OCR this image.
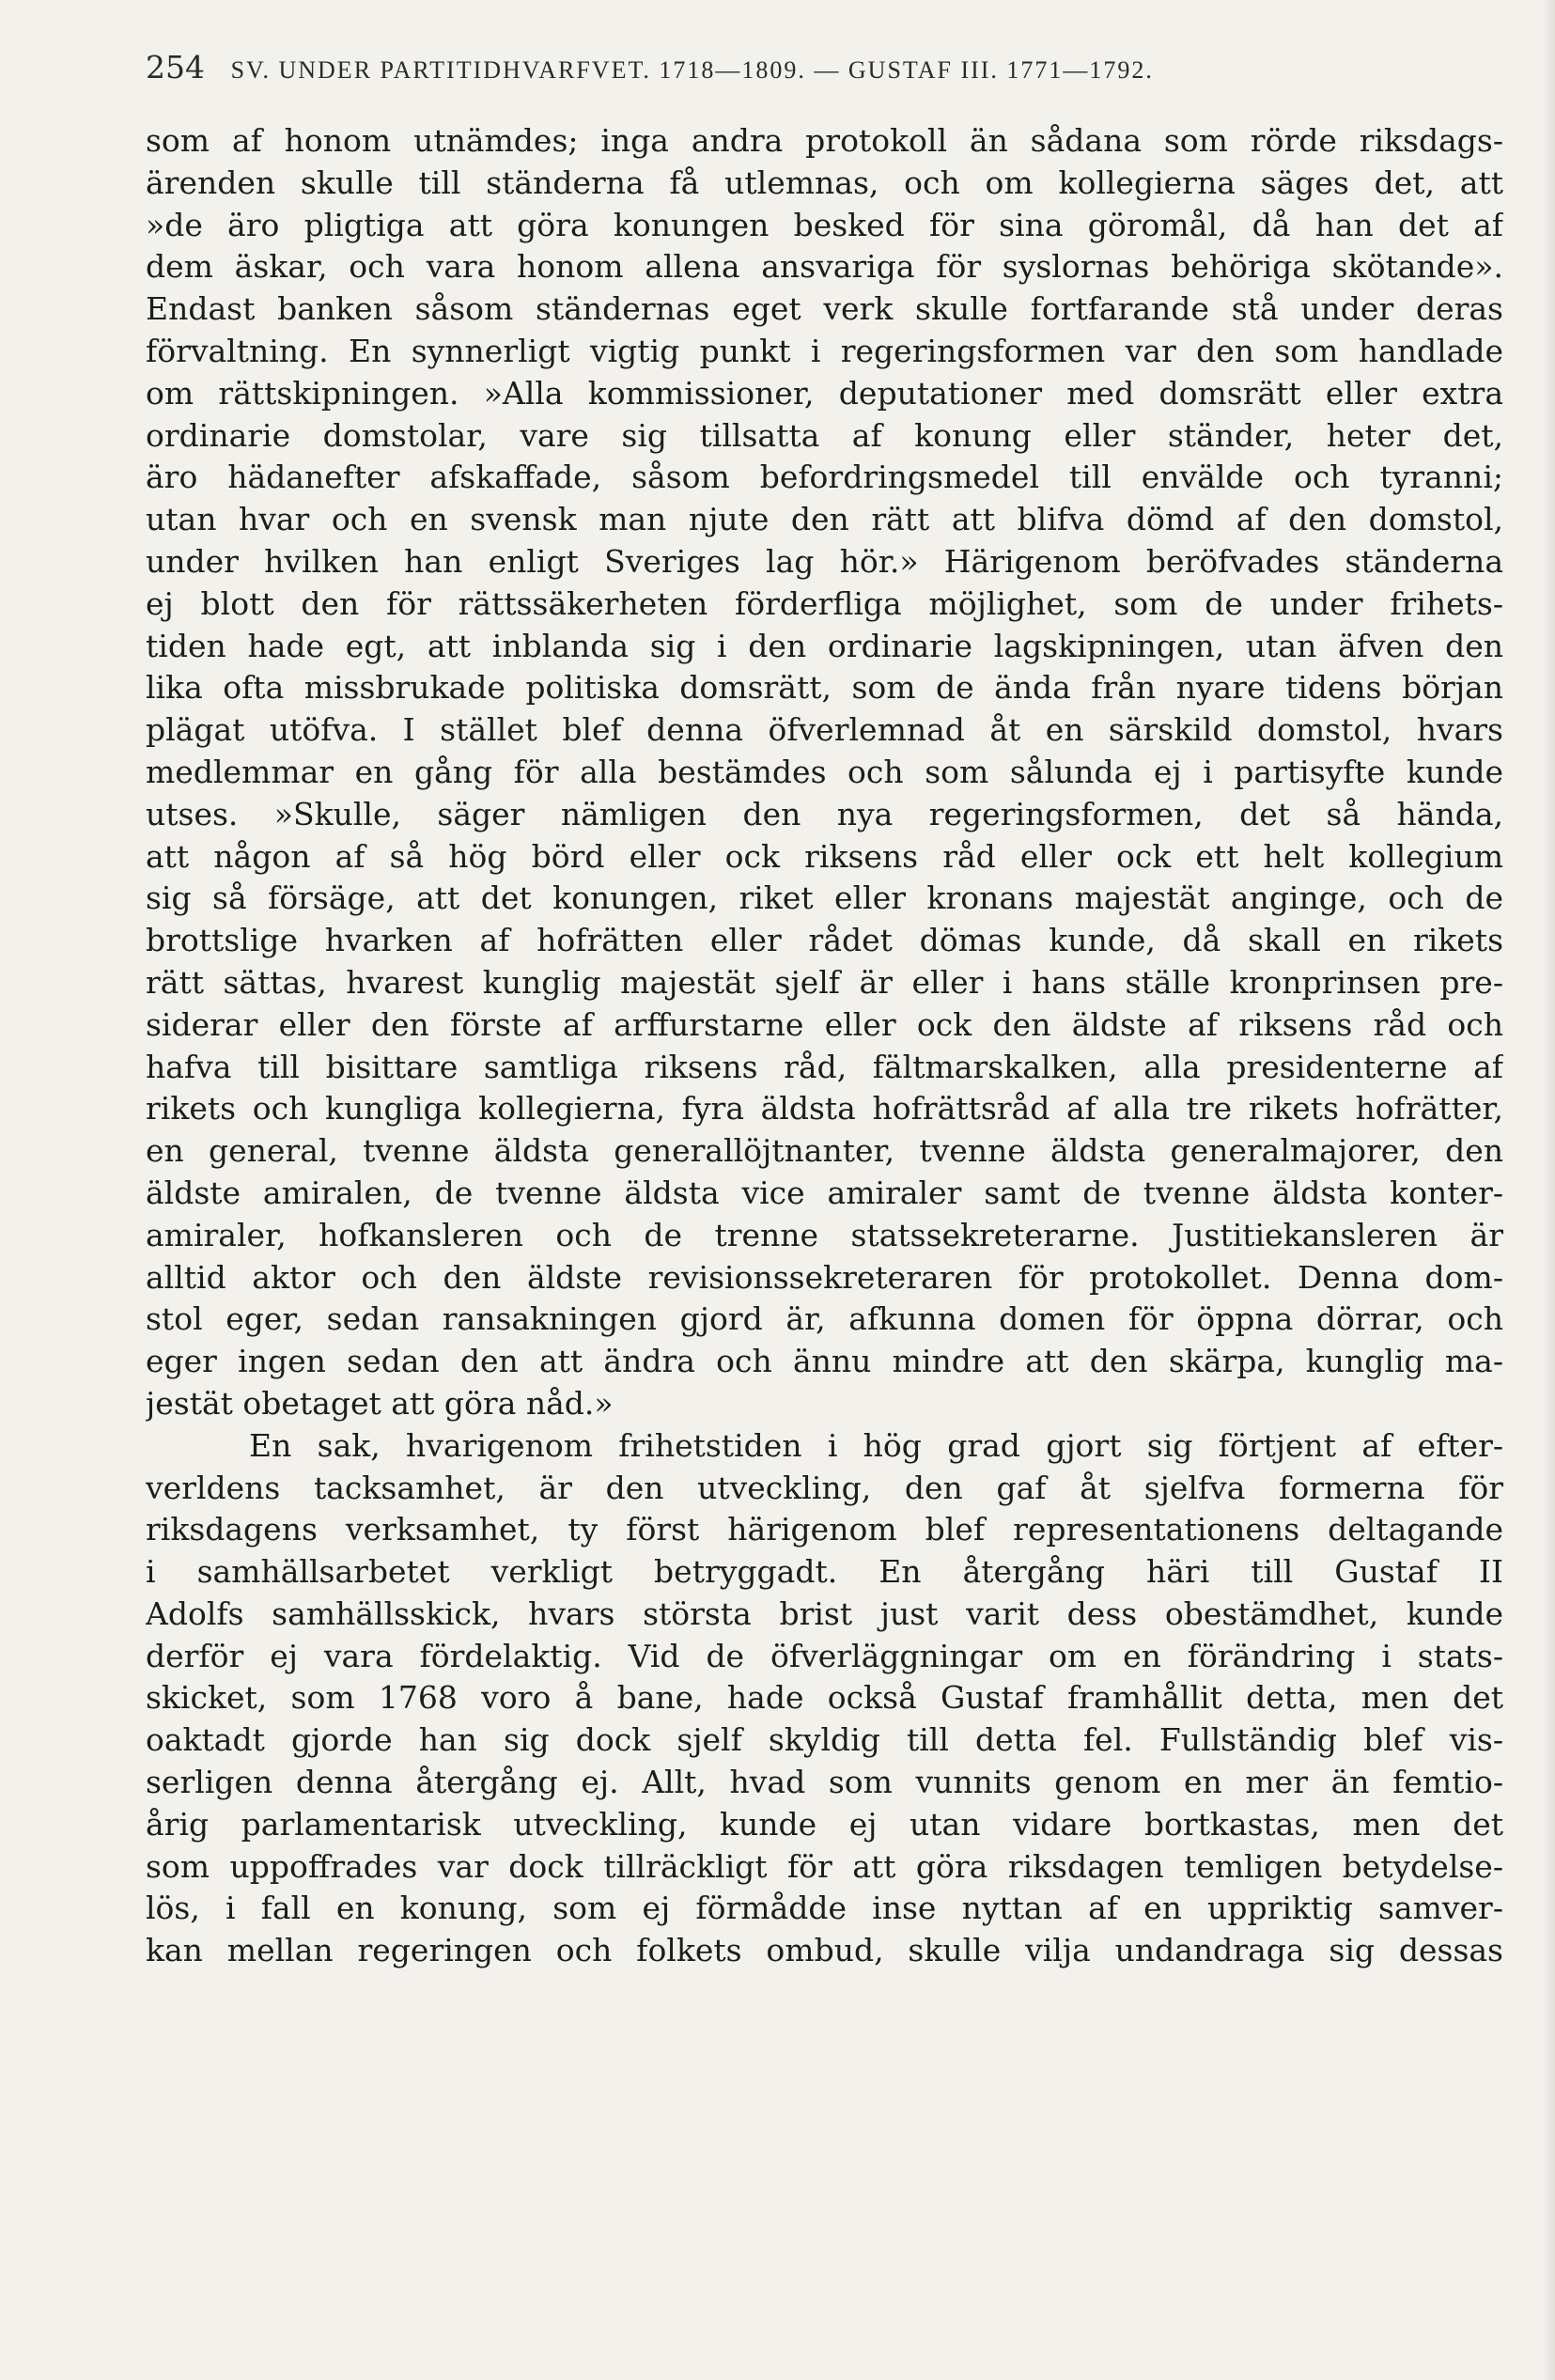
254 SV. UNDER PARTITIDHVARFVET. 1718—1809. — GUSTAF III. 1771—1792.
som af honom utnämdes; inga andra protokoll än sådana som rörde riksdags-
ärenden skulle till ständerna få utlemnas, och om kollegierna säges det, att
»de äro pligtiga att göra konungen besked för sina göromål, då han det af
dem äskar, och vara honom allena ansvariga för syslornas behöriga skötande».
Endast banken såsom ständernas eget verk skulle fortfarande stå under deras
förvaltning. En synnerligt vigtig punkt i regeringsformen var den som handlade
om rättskipningen. »Alla kommissioner, deputationer med domsrätt eller extra
ordinarie domstolar, vare sig tillsatta af konung eller ständer, heter det,
äro hädanefter afskaffade, såsom befordringsmedel till envälde och tyranni;
utan hvar och en svensk man njute den rätt att blifva dömd af den domstol,
under hvilken han enligt Sveriges lag hör.» Härigenom beröfvades ständerna
ej blott den för rättssäkerheten förderfliga möjlighet, som de under frihets-
tiden hade egt, att inblanda sig i den ordinarie lagskipningen, utan äfven den
lika ofta missbrukade politiska domsrätt, som de ända från nyare tidens början
plägat utöfva. I stället blef denna öfverlemnad åt en särskild domstol, hvars
medlemmar en gång för alla bestämdes och som sålunda ej i partisyfte kunde
utses. »Skulle, säger nämligen den nya regeringsformen, det så hända,
att någon af så hög börd eller ock riksens råd eller ock ett helt kollegium
sig så försäge, att det konungen, riket eller kronans majestät anginge, och de
brottslige hvarken af hofrätten eller rådet dömas kunde, då skall en rikets
rätt sättas, hvarest kunglig majestät sjelf är eller i hans ställe kronprinsen pre-
siderar eller den förste af arffurstarne eller ock den äldste af riksens råd och
hafva till bisittare samtliga riksens råd, fältmarskalken, alla presidenterne af
rikets och kungliga kollegierna, fyra äldsta hofrättsråd af alla tre rikets hofrätter,
en general, tvenne äldsta generallöjtnanter, tvenne äldsta generalmajorer, den
äldste amiralen, de tvenne äldsta vice amiraler samt de tvenne äldsta konter-
amiraler, hofkansleren och de trenne statssekreterarne. Justitiekansleren är
alltid aktor och den äldste revisionssekreteraren för protokollet. Denna dom-
stol eger, sedan ransakningen gjord är, afkunna domen för öppna dörrar, och
eger ingen sedan den att ändra och ännu mindre att den skärpa, kunglig ma-
jestät obetaget att göra nåd.»
En sak, hvarigenom frihetstiden i hög grad gjort sig förtjent af efter-
verldens tacksamhet, är den utveckling, den gaf åt sjelfva formerna för
riksdagens verksamhet, ty först härigenom blef representationens deltagande
i samhällsarbetet verkligt betryggadt. En återgång häri till Gustaf II
Adolfs samhällsskick, hvars största brist just varit dess obestämdhet, kunde
derför ej vara fördelaktig. Vid de öfverläggningar om en förändring i stats-
skicket, som 1768 voro å bane, hade också Gustaf framhållit detta, men det
oaktadt gjorde han sig dock sjelf skyldig till detta fel. Fullständig blef vis-
serligen denna återgång ej. Allt, hvad som vunnits genom en mer än femtio-
årig parlamentarisk utveckling, kunde ej utan vidare bortkastas, men det
som uppoffrades var dock tillräckligt för att göra riksdagen temligen betydelse-
lös, i fall en konung, som ej förmådde inse nyttan af en uppriktig samver-
kan mellan regeringen och folkets ombud, skulle vilja undandraga sig dessas
